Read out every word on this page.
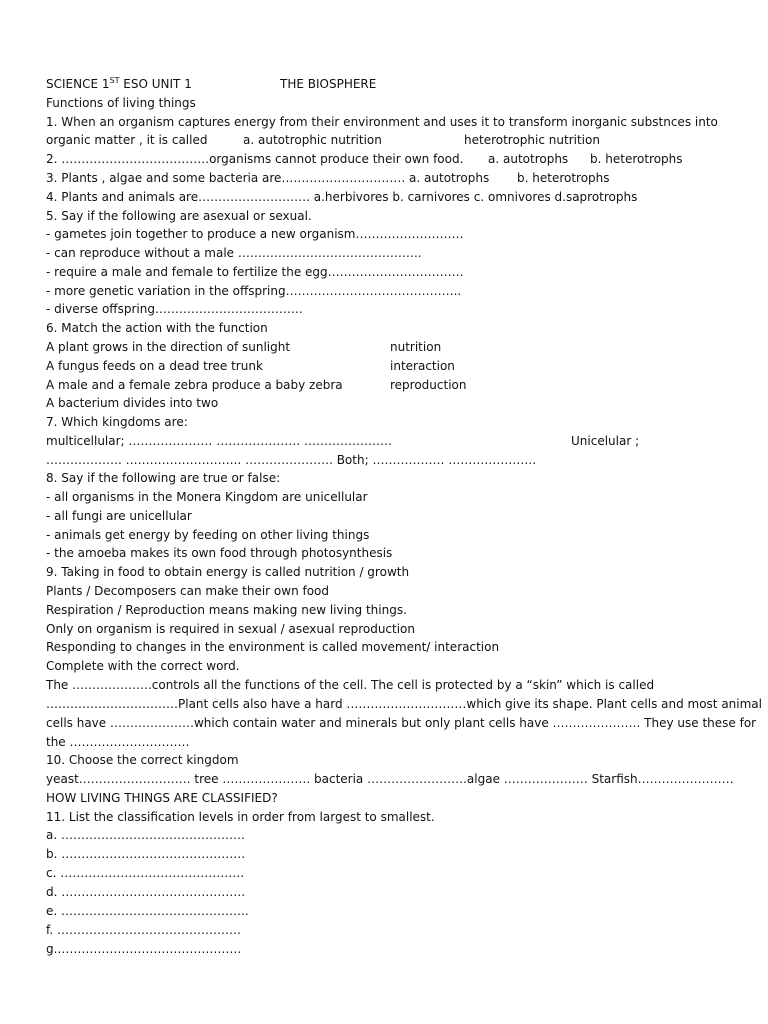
SCIENCE 1ST ESO UNIT 1	THE BIOSPHERE
Functions of living things
1. When an organism captures energy from their environment and uses it to transform inorganic substnces into
organic matter , it is called	a. autotrophic nutrition	heterotrophic nutrition
2. ……………………………….organisms cannot produce their own food. a. autotrophs b. heterotrophs
3. Plants , algae and some bacteria are…………………………. a. autotrophs b. heterotrophs
4. Plants and animals are………………………. a.herbivores b. carnivores c. omnivores d.saprotrophs
5. Say if the following are asexual or sexual.
- gametes join together to produce a new organism………………………
- can reproduce without a male ……………………………………….
- require a male and female to fertilize the egg…………………………….
- more genetic variation in the offspring……………………………………..
- diverse offspring……………………………….
6. Match the action with the function
A plant grows in the direction of sunlight	nutrition
A fungus feeds on a dead tree trunk	interaction
A male and a female zebra produce a baby zebra	reproduction
A bacterium divides into two
7. Which kingdoms are:
multicellular; ………………… ………………… ………………….	Unicelular ;
………………. ……………………….. …………………. Both; ……………… ………………….
8. Say if the following are true or false:
- all organisms in the Monera Kingdom are unicellular
- all fungi are unicellular
- animals get energy by feeding on other living things
- the amoeba makes its own food through photosynthesis
9. Taking in food to obtain energy is called nutrition / growth
Plants / Decomposers can make their own food
Respiration / Reproduction means making new living things.
Only on organism is required in sexual / asexual reproduction
Responding to changes in the environment is called movement/ interaction
Complete with the correct word.
The ………………..controls all the functions of the cell. The cell is protected by a “skin” which is called
……………………………Plant cells also have a hard …………………………which give its shape. Plant cells and most animal
cells have …………………which contain water and minerals but only plant cells have …………………. They use these for
the …………………………
10. Choose the correct kingdom
yeast………………………. tree …………………. bacteria …………………….algae ………………… Starfish……………………
HOW LIVING THINGS ARE CLASSIFIED?
11. List the classification levels in order from largest to smallest.
a. ……………………………………….
b. ……………………………………….
c. ……………………………………….
d. ……………………………………….
e. ………………………………………..
f. ……………………………………….
g.……………………………………….
